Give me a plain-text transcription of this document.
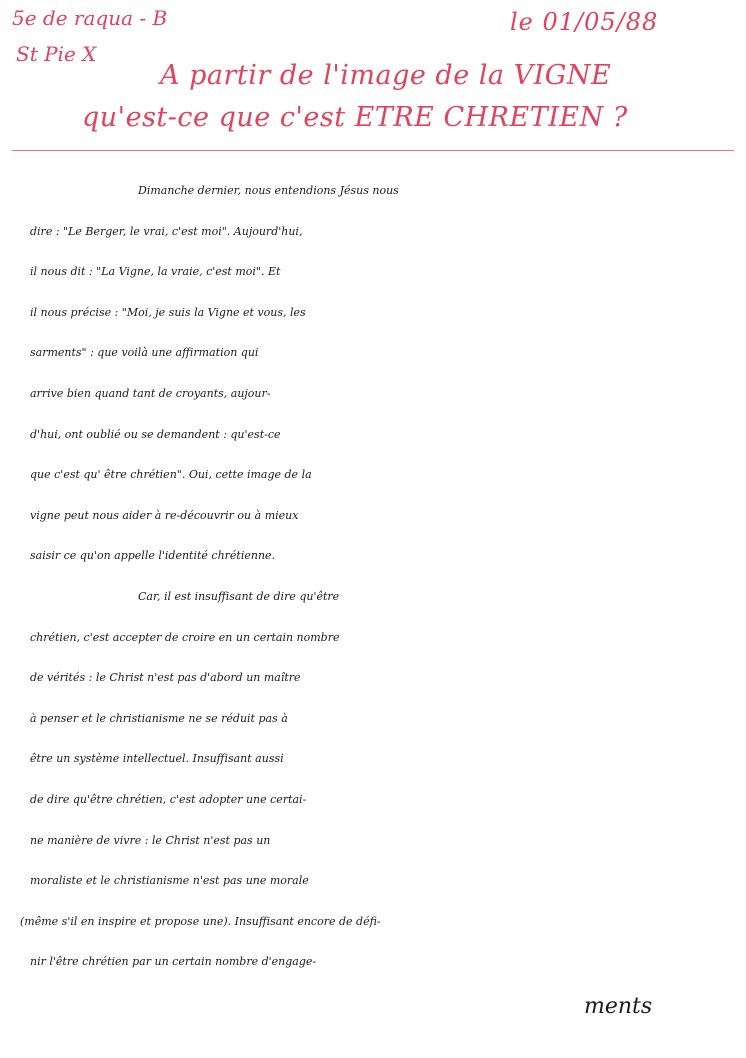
5e de raqua - B
St Pie X
le 01/05/88
A partir de l'image de la VIGNE
qu'est-ce que c'est ETRE CHRETIEN ?
Dimanche dernier, nous entendions Jésus nous
dire : "Le Berger, le vrai, c'est moi". Aujourd'hui,
il nous dit : "La Vigne, la vraie, c'est moi". Et
il nous précise : "Moi, je suis la Vigne et vous, les
sarments" : que voilà une affirmation qui
arrive bien quand tant de croyants, aujour-
d'hui, ont oublié ou se demandent : qu'est-ce
que c'est qu' être chrétien". Oui, cette image de la
vigne peut nous aider à re-découvrir ou à mieux
saisir ce qu'on appelle l'identité chrétienne.
Car, il est insuffisant de dire qu'être
chrétien, c'est accepter de croire en un certain nombre
de vérités : le Christ n'est pas d'abord un maître
à penser et le christianisme ne se réduit pas à
être un système intellectuel. Insuffisant aussi
de dire qu'être chrétien, c'est adopter une certai-
ne manière de vivre : le Christ n'est pas un
moraliste et le christianisme n'est pas une morale
(même s'il en inspire et propose une). Insuffisant encore de défi-
nir l'être chrétien par un certain nombre d'engage-
ments
